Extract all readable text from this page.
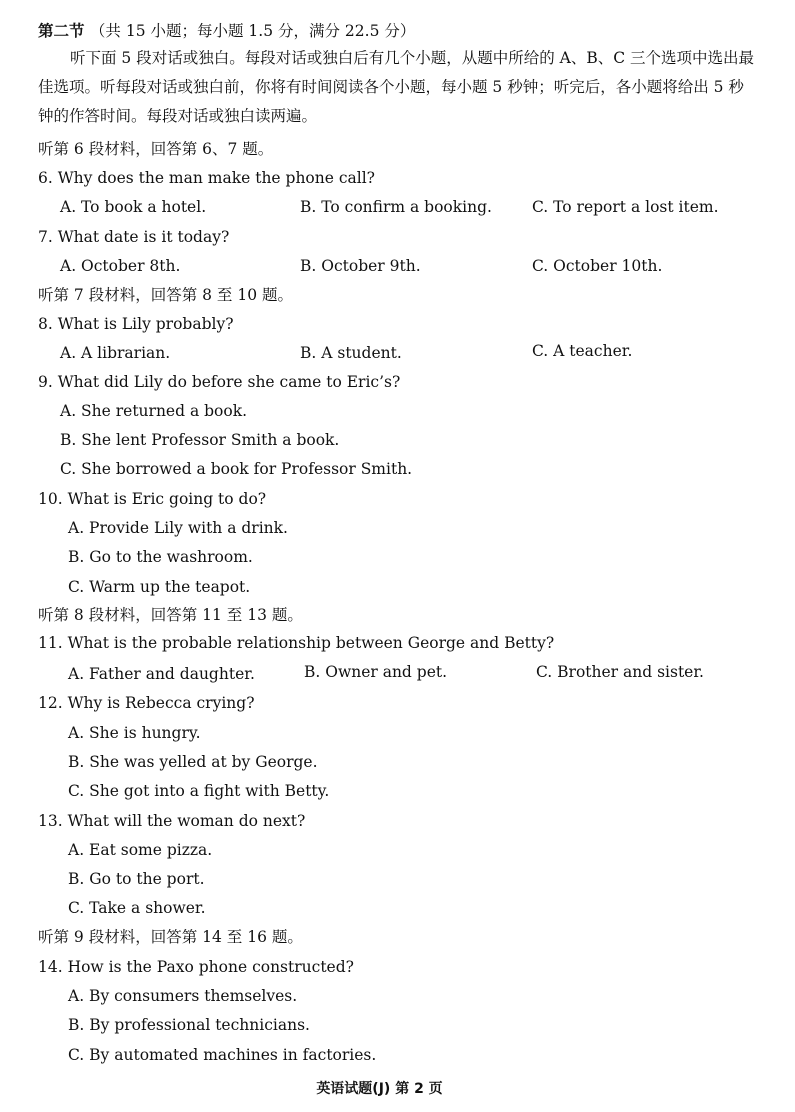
第二节 （共 15 小题；每小题 1.5 分，满分 22.5 分）
听下面 5 段对话或独白。每段对话或独白后有几个小题，从题中所给的 A、B、C 三个选项中选出最佳选项。听每段对话或独白前，你将有时间阅读各个小题，每小题 5 秒钟；听完后，各小题将给出 5 秒钟的作答时间。每段对话或独白读两遍。
听第 6 段材料，回答第 6、7 题。
6. Why does the man make the phone call?
A. To book a hotel.	B. To confirm a booking.	C. To report a lost item.
7. What date is it today?
A. October 8th.	B. October 9th.	C. October 10th.
听第 7 段材料，回答第 8 至 10 题。
8. What is Lily probably?
A. A librarian.	B. A student.	C. A teacher.
9. What did Lily do before she came to Eric’s?
A. She returned a book.
B. She lent Professor Smith a book.
C. She borrowed a book for Professor Smith.
10. What is Eric going to do?
A. Provide Lily with a drink.
B. Go to the washroom.
C. Warm up the teapot.
听第 8 段材料，回答第 11 至 13 题。
11. What is the probable relationship between George and Betty?
A. Father and daughter.	B. Owner and pet.	C. Brother and sister.
12. Why is Rebecca crying?
A. She is hungry.
B. She was yelled at by George.
C. She got into a fight with Betty.
13. What will the woman do next?
A. Eat some pizza.
B. Go to the port.
C. Take a shower.
听第 9 段材料，回答第 14 至 16 题。
14. How is the Paxo phone constructed?
A. By consumers themselves.
B. By professional technicians.
C. By automated machines in factories.
英语试题(J) 第 2 页
